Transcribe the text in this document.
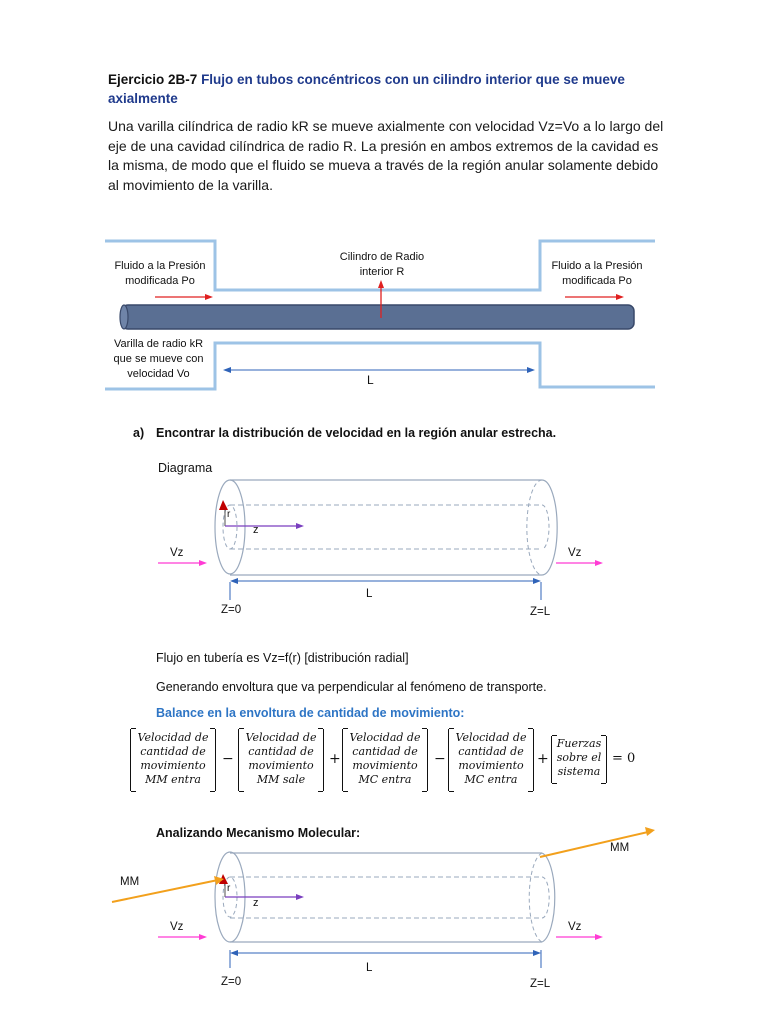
Ejercicio 2B-7 Flujo en tubos concéntricos con un cilindro interior que se mueve axialmente
Una varilla cilíndrica de radio kR se mueve axialmente con velocidad Vz=Vo a lo largo del eje de una cavidad cilíndrica de radio R. La presión en ambos extremos de la cavidad es la misma, de modo que el fluido se mueva a través de la región anular solamente debido al movimiento de la varilla.
Fluido a la Presión
modificada Po
Fluido a la Presión
modificada Po
Cilindro de Radio
interior R
Varilla de radio kR
que se mueve con
velocidad Vo	L
a) Encontrar la distribución de velocidad en la región anular estrecha.
Diagrama
r
z
Vz	Vz
L
Z=0	Z=L
Flujo en tubería es Vz=f(r) [distribución radial]
Generando envoltura que va perpendicular al fenómeno de transporte.
Balance en la envoltura de cantidad de movimiento:
Velocidad de
cantidad de
movimiento
MM entra
−
Velocidad de
cantidad de
movimiento
MM sale
+
Velocidad de
cantidad de
movimiento
MC entra
−
Velocidad de
cantidad de
movimiento
MC entra
+
Fuerzas
sobre el
sistema
= 0
Analizando Mecanismo Molecular:
MM
MM
r
z
Vz	Vz
L
Z=0	Z=L
